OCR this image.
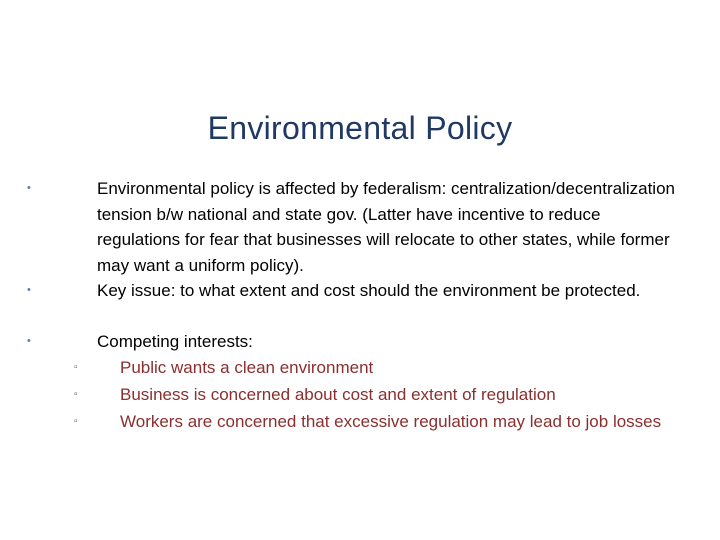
Environmental Policy
•	Environmental policy is affected by federalism: centralization/decentralization tension b/w national and state gov. (Latter have incentive to reduce regulations for fear that businesses will relocate to other states, while former may want a uniform policy).
•	Key issue: to what extent and cost should the environment be protected.
•	Competing interests:
▫	Public wants a clean environment
▫	Business is concerned about cost and extent of regulation
▫	Workers are concerned that excessive regulation may lead to job losses
